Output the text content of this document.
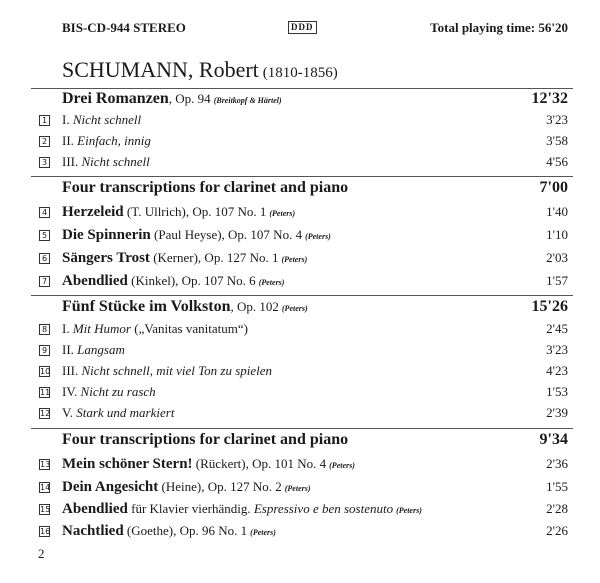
BIS-CD-944 STEREO	DDD	Total playing time: 56'20
SCHUMANN, Robert (1810-1856)
Drei Romanzen, Op. 94 (Breitkopf & Härtel)	12'32
1 I. Nicht schnell	3'23
2 II. Einfach, innig	3'58
3 III. Nicht schnell	4'56
Four transcriptions for clarinet and piano	7'00
4 Herzeleid (T. Ullrich), Op. 107 No. 1 (Peters)	1'40
5 Die Spinnerin (Paul Heyse), Op. 107 No. 4 (Peters)	1'10
6 Sängers Trost (Kerner), Op. 127 No. 1 (Peters)	2'03
7 Abendlied (Kinkel), Op. 107 No. 6 (Peters)	1'57
Fünf Stücke im Volkston, Op. 102 (Peters)	15'26
8 I. Mit Humor („Vanitas vanitatum“)	2'45
9 II. Langsam	3'23
10 III. Nicht schnell, mit viel Ton zu spielen	4'23
11 IV. Nicht zu rasch	1'53
12 V. Stark und markiert	2'39
Four transcriptions for clarinet and piano	9'34
13 Mein schöner Stern! (Rückert), Op. 101 No. 4 (Peters)	2'36
14 Dein Angesicht (Heine), Op. 127 No. 2 (Peters)	1'55
15 Abendlied für Klavier vierhändig. Espressivo e ben sostenuto (Peters)	2'28
16 Nachtlied (Goethe), Op. 96 No. 1 (Peters)	2'26
2
